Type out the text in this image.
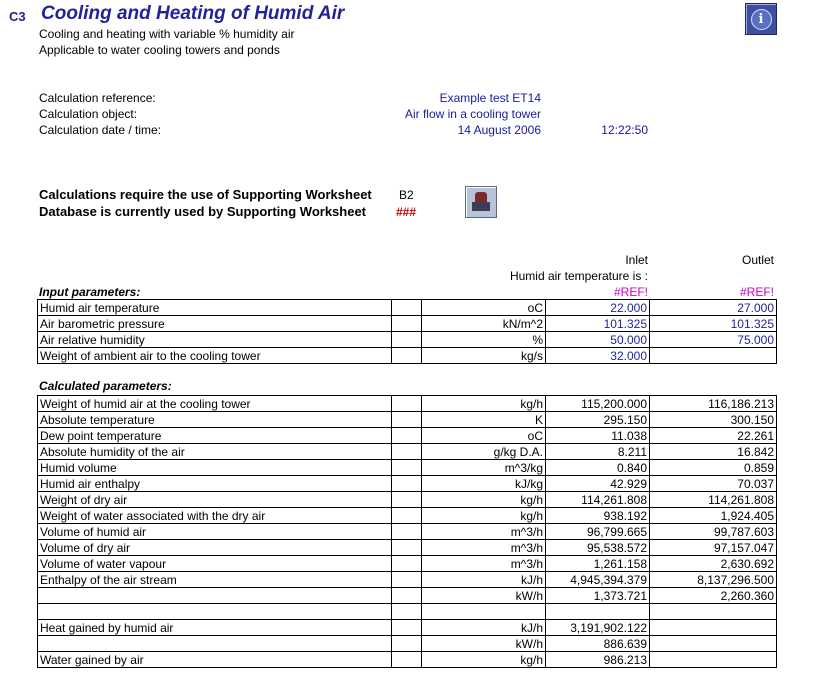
C3 Cooling and Heating of Humid Air
Cooling and heating with variable % humidity air
Applicable to water cooling towers and ponds
i
Calculation reference:	Example test ET14
Calculation object:	Air flow in a cooling tower
Calculation date / time:	14 August 2006	12:22:50
Calculations require the use of Supporting Worksheet B2
Database is currently used by Supporting Worksheet ###
Inlet	Outlet
Humid air temperature is :
#REF!	#REF!
Input parameters:
Humid air temperature		oC	22.000	27.000
Air barometric pressure		kN/m^2	101.325	101.325
Air relative humidity		%	50.000	75.000
Weight of ambient air to the cooling tower		kg/s	32.000	
Calculated parameters:
Weight of humid air at the cooling tower		kg/h	115,200.000	116,186.213
Absolute temperature		K	295.150	300.150
Dew point temperature		oC	11.038	22.261
Absolute humidity of the air		g/kg D.A.	8.211	16.842
Humid volume		m^3/kg	0.840	0.859
Humid air enthalpy		kJ/kg	42.929	70.037
Weight of dry air		kg/h	114,261.808	114,261.808
Weight of water associated with the dry air		kg/h	938.192	1,924.405
Volume of humid air		m^3/h	96,799.665	99,787.603
Volume of dry air		m^3/h	95,538.572	97,157.047
Volume of water vapour		m^3/h	1,261.158	2,630.692
Enthalpy of the air stream		kJ/h	4,945,394.379	8,137,296.500
		kW/h	1,373.721	2,260.360

Heat gained by humid air		kJ/h	3,191,902.122	
		kW/h	886.639	
Water gained by air		kg/h	986.213	
